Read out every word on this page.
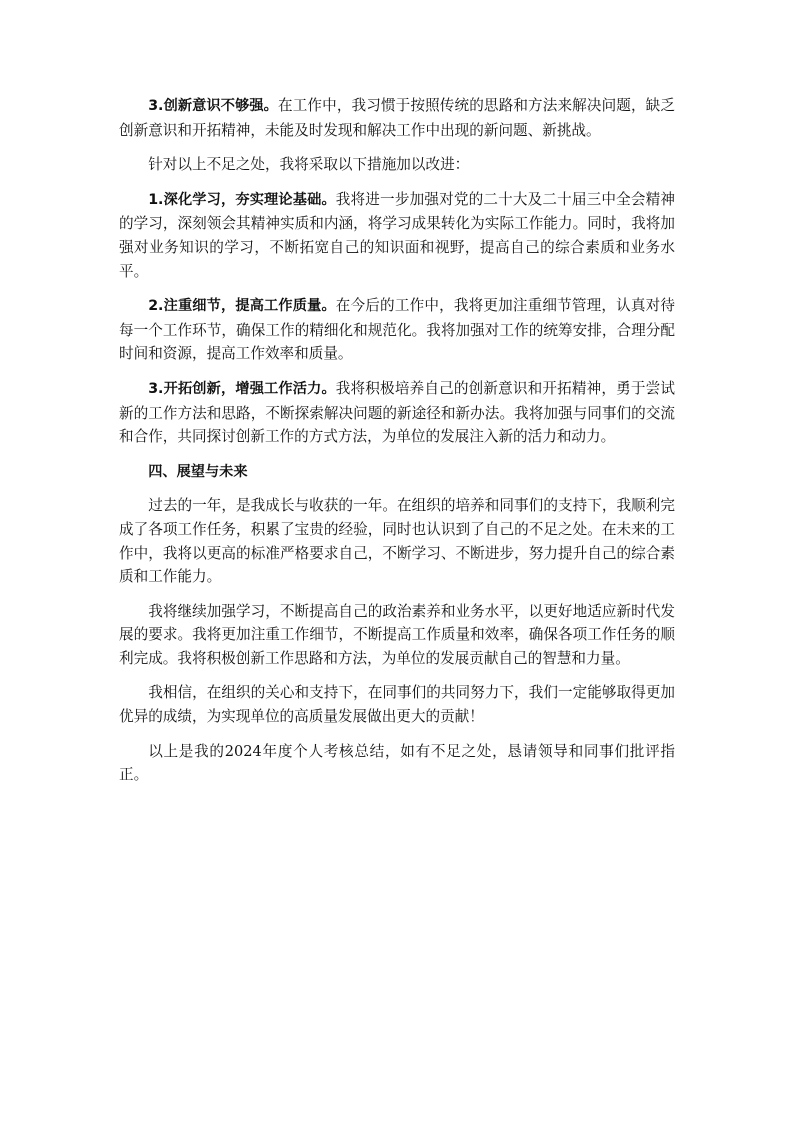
3.创新意识不够强。在工作中，我习惯于按照传统的思路和方法来解决问题，缺乏创新意识和开拓精神，未能及时发现和解决工作中出现的新问题、新挑战。

针对以上不足之处，我将采取以下措施加以改进：

1.深化学习，夯实理论基础。我将进一步加强对党的二十大及二十届三中全会精神的学习，深刻领会其精神实质和内涵，将学习成果转化为实际工作能力。同时，我将加强对业务知识的学习，不断拓宽自己的知识面和视野，提高自己的综合素质和业务水平。

2.注重细节，提高工作质量。在今后的工作中，我将更加注重细节管理，认真对待每一个工作环节，确保工作的精细化和规范化。我将加强对工作的统筹安排，合理分配时间和资源，提高工作效率和质量。

3.开拓创新，增强工作活力。我将积极培养自己的创新意识和开拓精神，勇于尝试新的工作方法和思路，不断探索解决问题的新途径和新办法。我将加强与同事们的交流和合作，共同探讨创新工作的方式方法，为单位的发展注入新的活力和动力。

四、展望与未来

过去的一年，是我成长与收获的一年。在组织的培养和同事们的支持下，我顺利完成了各项工作任务，积累了宝贵的经验，同时也认识到了自己的不足之处。在未来的工作中，我将以更高的标准严格要求自己，不断学习、不断进步，努力提升自己的综合素质和工作能力。

我将继续加强学习，不断提高自己的政治素养和业务水平，以更好地适应新时代发展的要求。我将更加注重工作细节，不断提高工作质量和效率，确保各项工作任务的顺利完成。我将积极创新工作思路和方法，为单位的发展贡献自己的智慧和力量。

我相信，在组织的关心和支持下，在同事们的共同努力下，我们一定能够取得更加优异的成绩，为实现单位的高质量发展做出更大的贡献！

以上是我的2024年度个人考核总结，如有不足之处，恳请领导和同事们批评指正。
